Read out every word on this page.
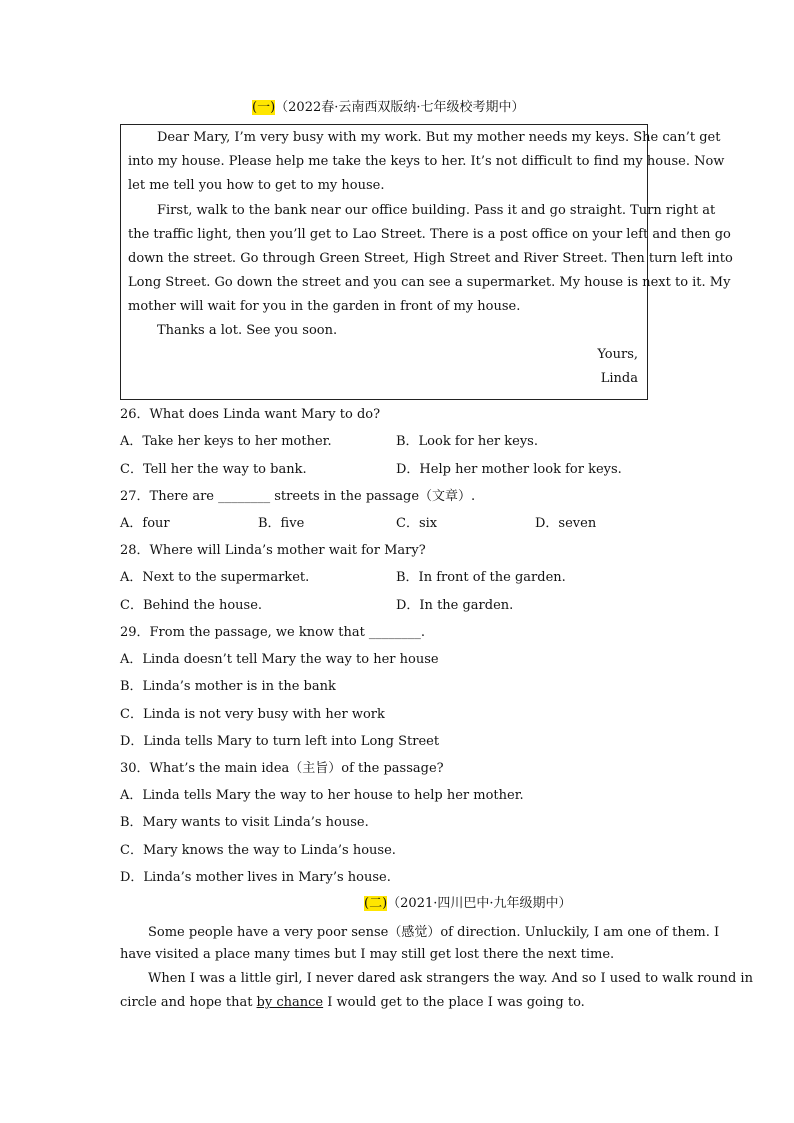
(一)（2022春·云南西双版纳·七年级校考期中）
Dear Mary, I’m very busy with my work. But my mother needs my keys. She can’t get
into my house. Please help me take the keys to her. It’s not difficult to find my house. Now
let me tell you how to get to my house.
First, walk to the bank near our office building. Pass it and go straight. Turn right at
the traffic light, then you’ll get to Lao Street. There is a post office on your left and then go
down the street. Go through Green Street, High Street and River Street. Then turn left into
Long Street. Go down the street and you can see a supermarket. My house is next to it. My
mother will wait for you in the garden in front of my house.
Thanks a lot. See you soon.
Yours,
Linda
26．What does Linda want Mary to do?
A．Take her keys to her mother.	B．Look for her keys.
C．Tell her the way to bank.	D．Help her mother look for keys.
27．There are ________ streets in the passage（文章）.
A．four	B．five	C．six	D．seven
28．Where will Linda’s mother wait for Mary?
A．Next to the supermarket.	B．In front of the garden.
C．Behind the house.	D．In the garden.
29．From the passage, we know that ________.
A．Linda doesn’t tell Mary the way to her house
B．Linda’s mother is in the bank
C．Linda is not very busy with her work
D．Linda tells Mary to turn left into Long Street
30．What’s the main idea（主旨）of the passage?
A．Linda tells Mary the way to her house to help her mother.
B．Mary wants to visit Linda’s house.
C．Mary knows the way to Linda’s house.
D．Linda’s mother lives in Mary’s house.
(二)（2021·四川巴中·九年级期中）
Some people have a very poor sense（感觉）of direction. Unluckily, I am one of them. I
have visited a place many times but I may still get lost there the next time.
When I was a little girl, I never dared ask strangers the way. And so I used to walk round in
circle and hope that by chance I would get to the place I was going to.
